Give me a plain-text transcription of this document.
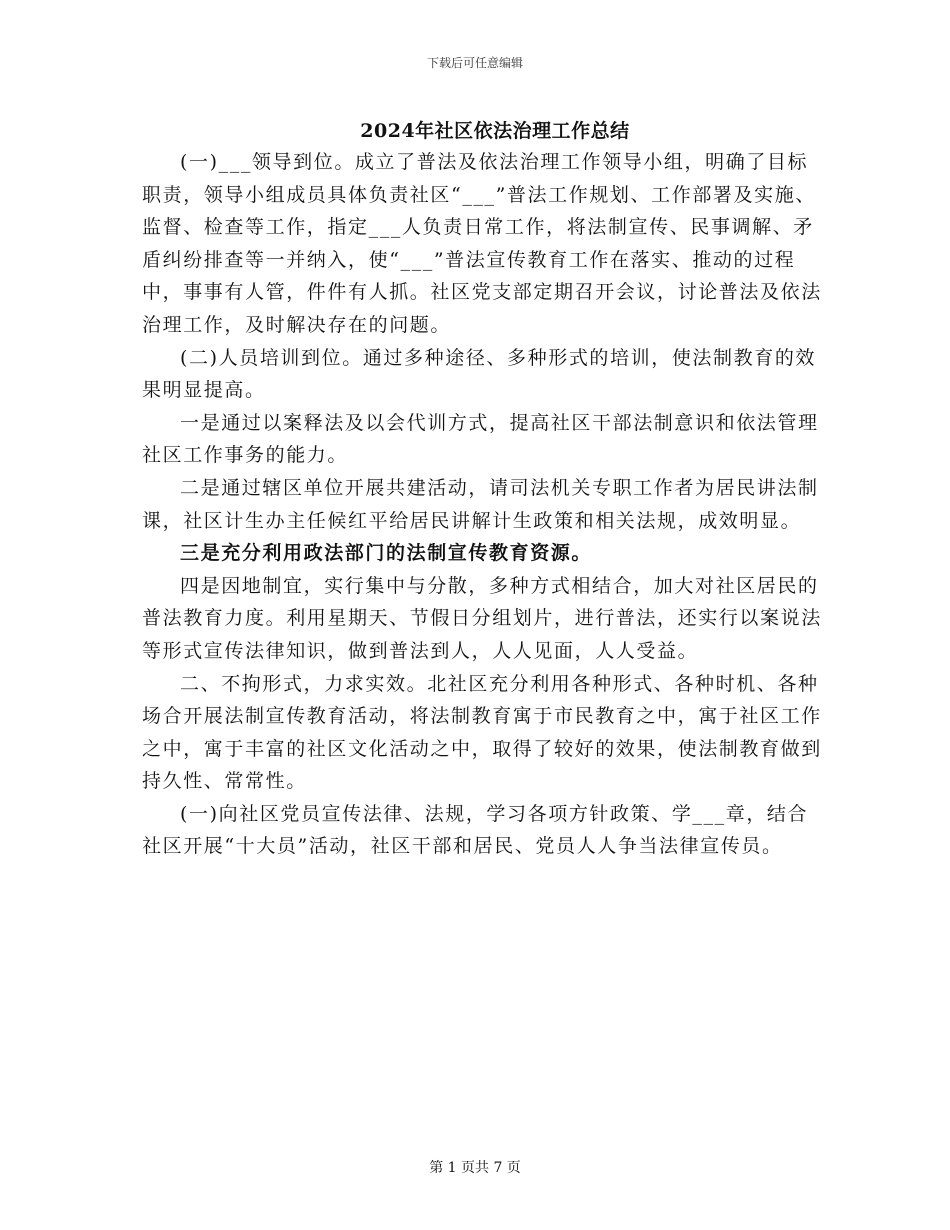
下载后可任意编辑
2024年社区依法治理工作总结

(一)___领导到位。成立了普法及依法治理工作领导小组，明确了目标职责，领导小组成员具体负责社区“___”普法工作规划、工作部署及实施、监督、检查等工作，指定___人负责日常工作，将法制宣传、民事调解、矛盾纠纷排查等一并纳入，使“___”普法宣传教育工作在落实、推动的过程中，事事有人管，件件有人抓。社区党支部定期召开会议，讨论普法及依法治理工作，及时解决存在的问题。

(二)人员培训到位。通过多种途径、多种形式的培训，使法制教育的效果明显提高。

一是通过以案释法及以会代训方式，提高社区干部法制意识和依法管理社区工作事务的能力。

二是通过辖区单位开展共建活动，请司法机关专职工作者为居民讲法制课，社区计生办主任候红平给居民讲解计生政策和相关法规，成效明显。

三是充分利用政法部门的法制宣传教育资源。

四是因地制宜，实行集中与分散，多种方式相结合，加大对社区居民的普法教育力度。利用星期天、节假日分组划片，进行普法，还实行以案说法等形式宣传法律知识，做到普法到人，人人见面，人人受益。

二、不拘形式，力求实效。北社区充分利用各种形式、各种时机、各种场合开展法制宣传教育活动，将法制教育寓于市民教育之中，寓于社区工作之中，寓于丰富的社区文化活动之中，取得了较好的效果，使法制教育做到持久性、常常性。

(一)向社区党员宣传法律、法规，学习各项方针政策、学___章，结合社区开展“十大员”活动，社区干部和居民、党员人人争当法律宣传员。

第 1 页共 7 页
